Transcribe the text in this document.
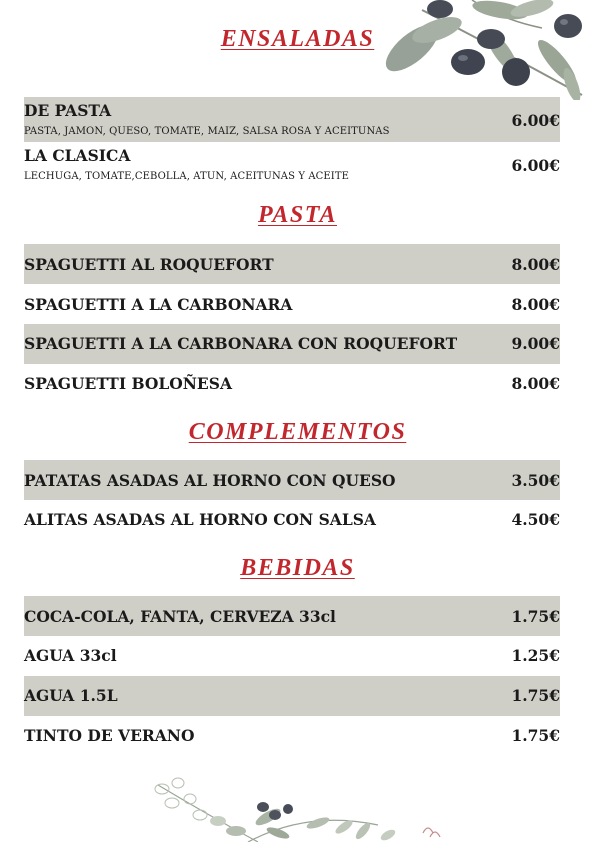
ENSALADAS
DE PASTA
PASTA, JAMON, QUESO, TOMATE, MAIZ, SALSA ROSA Y ACEITUNAS
6.00€
LA CLASICA
LECHUGA, TOMATE,CEBOLLA, ATUN, ACEITUNAS Y ACEITE
6.00€
PASTA
SPAGUETTI AL ROQUEFORT	8.00€
SPAGUETTI A LA CARBONARA	8.00€
SPAGUETTI A LA CARBONARA CON ROQUEFORT	9.00€
SPAGUETTI BOLOÑESA	8.00€
COMPLEMENTOS
PATATAS ASADAS AL HORNO CON QUESO	3.50€
ALITAS ASADAS AL HORNO CON SALSA	4.50€
BEBIDAS
COCA-COLA, FANTA, CERVEZA 33cl	1.75€
AGUA 33cl	1.25€
AGUA 1.5L	1.75€
TINTO DE VERANO	1.75€
